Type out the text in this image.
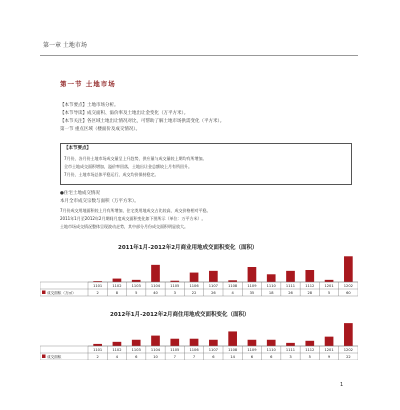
第一章 土地市场
第一节 土地市场
【本节要点】土地市场分析。
【本节导读】成交面积、溢价率及土地出让金变化（万平方米）。
【本节关注】各区域土地出让情况对比，可帮助了解土地市场供需变化（平方米）。
第一节 重点区域（楼面价及成交情况）。
【本节要点】
7月份，各月份土地市场成交量呈上升趋势，供应量与成交量较上期均有所增加。
全市土地成交面积增加，溢价率回落，土地出让金总额较上月有所回升。
7月份，土地市场总体平稳运行，成交均价保持稳定。
●住宅土地成交情况
本月全市成交宗数与面积（万平方米）。
7月份成交用地面积较上月有所增加，住宅类用地成交占比较高，成交价格相对平稳。
2011年1月至2012年2月期间月度成交面积变化如下图所示（单位：万平方米）。
土地市场成交情况整体呈现波动走势，其中部分月份成交面积明显放大。
2011年1月-2012年2月商业用地成交面积变化（面积）
1101	1102	1103	1104	1105	1106	1107	1108	1109	1110	1111	1112	1201	1202
成交面积（万㎡）	2	8	5	40	3	22	26	4	35	18	26	28	5	60
2012年1月-2012年2月商住用地成交面积变化（面积）
1101	1102	1103	1104	1105	1106	1107	1108	1109	1110	1111	1112	1201	1202
成交面积	2	4	6	10	7	7	6	14	6	6	3	5	9	22
1
